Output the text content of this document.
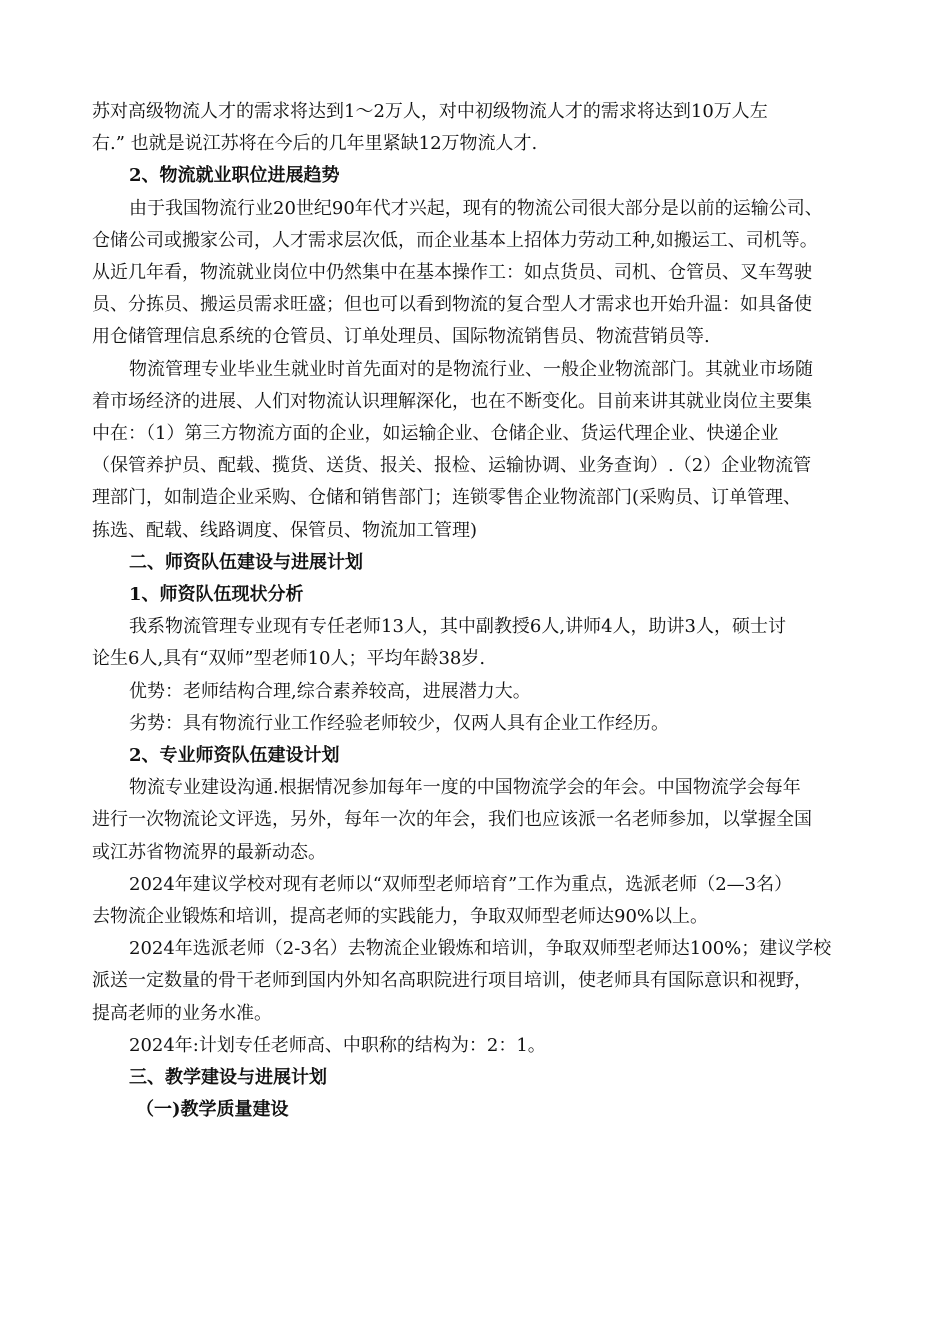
苏对高级物流人才的需求将达到1～2万人，对中初级物流人才的需求将达到10万人左
右.” 也就是说江苏将在今后的几年里紧缺12万物流人才.
2、物流就业职位进展趋势
由于我国物流行业20世纪90年代才兴起，现有的物流公司很大部分是以前的运输公司、
仓储公司或搬家公司，人才需求层次低，而企业基本上招体力劳动工种,如搬运工、司机等。
从近几年看，物流就业岗位中仍然集中在基本操作工：如点货员、司机、仓管员、叉车驾驶
员、分拣员、搬运员需求旺盛；但也可以看到物流的复合型人才需求也开始升温：如具备使
用仓储管理信息系统的仓管员、订单处理员、国际物流销售员、物流营销员等.
物流管理专业毕业生就业时首先面对的是物流行业、一般企业物流部门。其就业市场随
着市场经济的进展、人们对物流认识理解深化，也在不断变化。目前来讲其就业岗位主要集
中在：（1）第三方物流方面的企业，如运输企业、仓储企业、货运代理企业、快递企业
（保管养护员、配载、揽货、送货、报关、报检、运输协调、业务查询）.（2）企业物流管
理部门，如制造企业采购、仓储和销售部门；连锁零售企业物流部门(采购员、订单管理、
拣选、配载、线路调度、保管员、物流加工管理)
二、师资队伍建设与进展计划
1、师资队伍现状分析
我系物流管理专业现有专任老师13人，其中副教授6人,讲师4人，助讲3人，硕士讨
论生6人,具有“双师”型老师10人；平均年龄38岁.
优势：老师结构合理,综合素养较高，进展潜力大。
劣势：具有物流行业工作经验老师较少，仅两人具有企业工作经历。
2、专业师资队伍建设计划
物流专业建设沟通.根据情况参加每年一度的中国物流学会的年会。中国物流学会每年
进行一次物流论文评选，另外，每年一次的年会，我们也应该派一名老师参加，以掌握全国
或江苏省物流界的最新动态。
2024年建议学校对现有老师以“双师型老师培育”工作为重点，选派老师（2—3名）
去物流企业锻炼和培训，提高老师的实践能力，争取双师型老师达90%以上。
2024年选派老师（2-3名）去物流企业锻炼和培训，争取双师型老师达100%；建议学校
派送一定数量的骨干老师到国内外知名高职院进行项目培训，使老师具有国际意识和视野，
提高老师的业务水准。
2024年:计划专任老师高、中职称的结构为：2：1。
三、教学建设与进展计划
（一)教学质量建设
